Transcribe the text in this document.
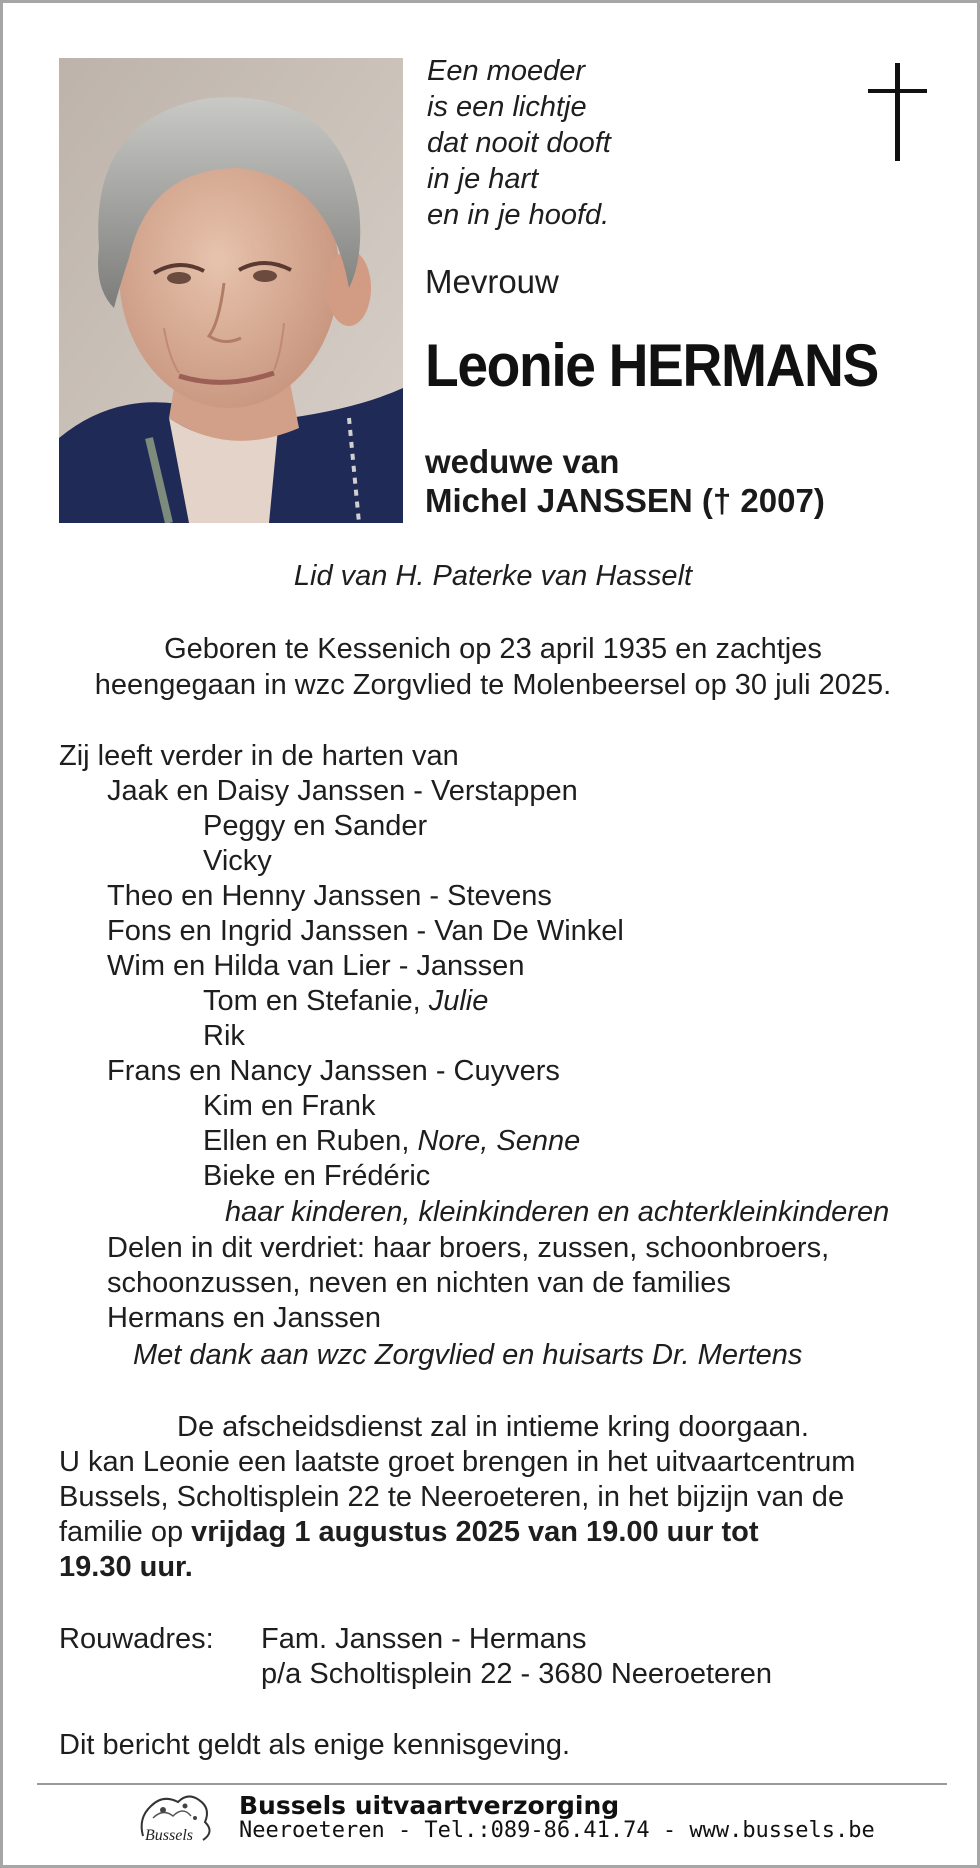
Een moeder
is een lichtje
dat nooit dooft
in je hart
en in je hoofd.
Mevrouw
Leonie HERMANS
weduwe van
Michel JANSSEN († 2007)
Lid van H. Paterke van Hasselt
Geboren te Kessenich op 23 april 1935 en zachtjes
heengegaan in wzc Zorgvlied te Molenbeersel op 30 juli 2025.
Zij leeft verder in de harten van
Jaak en Daisy Janssen - Verstappen
Peggy en Sander
Vicky
Theo en Henny Janssen - Stevens
Fons en Ingrid Janssen - Van De Winkel
Wim en Hilda van Lier - Janssen
Tom en Stefanie, Julie
Rik
Frans en Nancy Janssen - Cuyvers
Kim en Frank
Ellen en Ruben, Nore, Senne
Bieke en Frédéric
haar kinderen, kleinkinderen en achterkleinkinderen
Delen in dit verdriet: haar broers, zussen, schoonbroers,
schoonzussen, neven en nichten van de families
Hermans en Janssen
Met dank aan wzc Zorgvlied en huisarts Dr. Mertens
De afscheidsdienst zal in intieme kring doorgaan.
U kan Leonie een laatste groet brengen in het uitvaartcentrum
Bussels, Scholtisplein 22 te Neeroeteren, in het bijzijn van de
familie op vrijdag 1 augustus 2025 van 19.00 uur tot
19.30 uur.
Rouwadres: Fam. Janssen - Hermans
p/a Scholtisplein 22 - 3680 Neeroeteren
Dit bericht geldt als enige kennisgeving.
Bussels
Bussels uitvaartverzorging
Neeroeteren - Tel.:089-86.41.74 - www.bussels.be
